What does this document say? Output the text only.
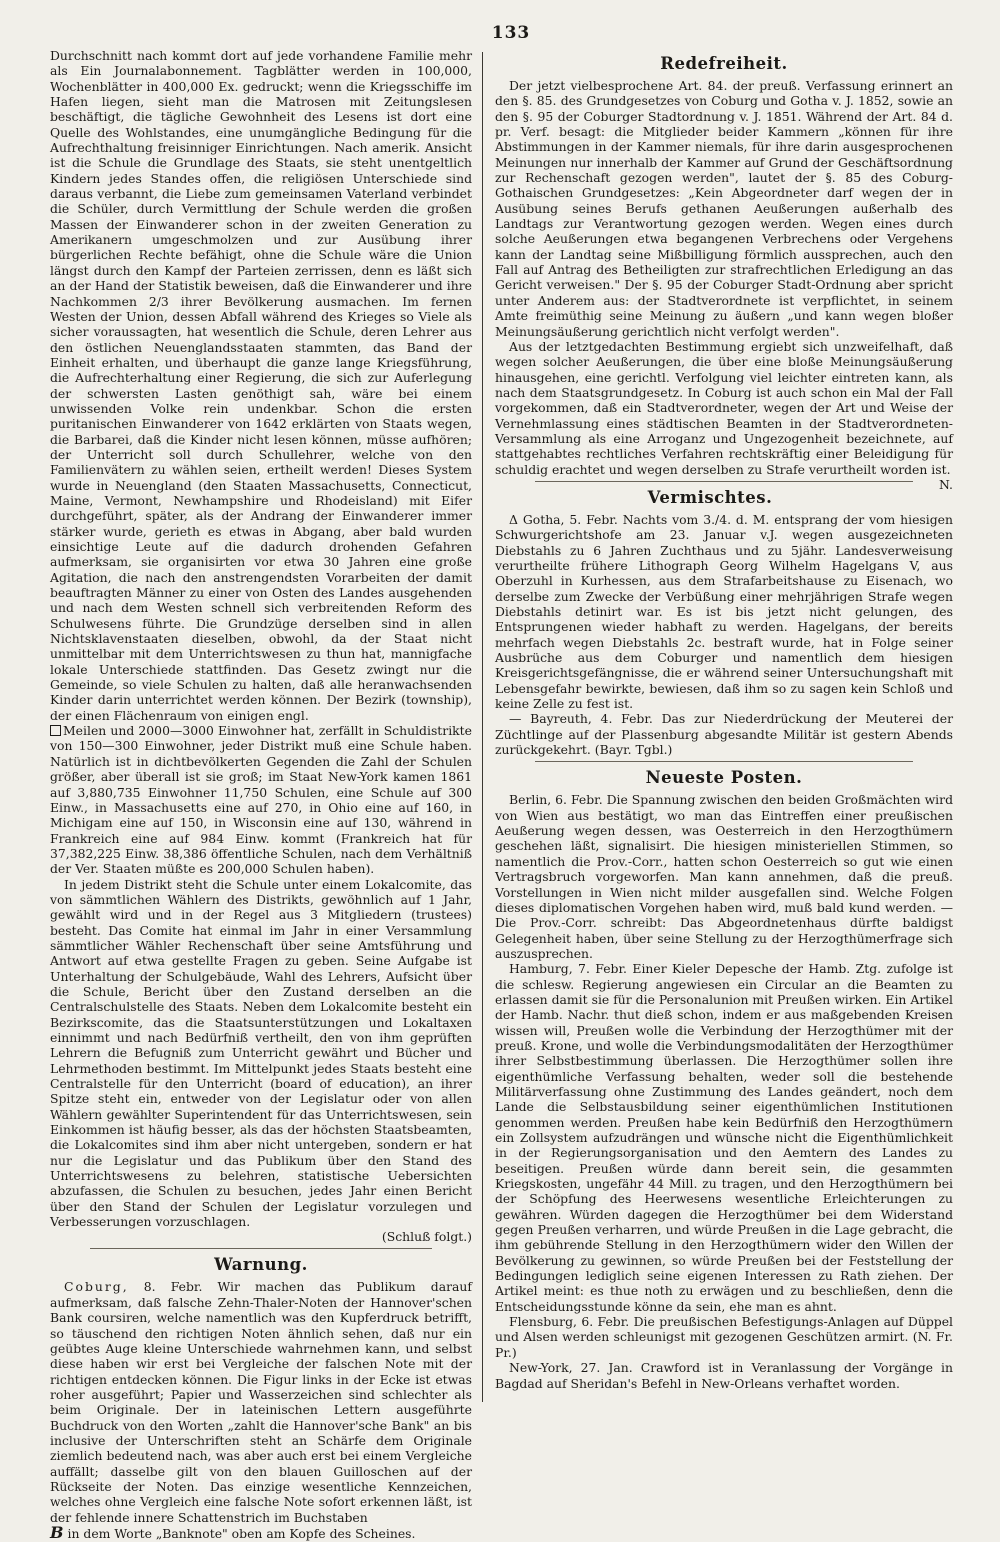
133

Durchschnitt nach kommt dort auf jede vorhandene Familie mehr als Ein Journalabonnement. Tagblätter werden in 100,000, Wochenblätter in 400,000 Ex. gedruckt; wenn die Kriegsschiffe im Hafen liegen, sieht man die Matrosen mit Zeitungslesen beschäftigt, die tägliche Gewohnheit des Lesens ist dort eine Quelle des Wohlstandes, eine unumgängliche Bedingung für die Aufrechthaltung freisinniger Einrichtungen. Nach amerik. Ansicht ist die Schule die Grundlage des Staats, sie steht unentgeltlich Kindern jedes Standes offen, die religiösen Unterschiede sind daraus verbannt, die Liebe zum gemeinsamen Vaterland verbindet die Schüler, durch Vermittlung der Schule werden die großen Massen der Einwanderer schon in der zweiten Generation zu Amerikanern umgeschmolzen und zur Ausübung ihrer bürgerlichen Rechte befähigt, ohne die Schule wäre die Union längst durch den Kampf der Parteien zerrissen, denn es läßt sich an der Hand der Statistik beweisen, daß die Einwanderer und ihre Nachkommen 2/3 ihrer Bevölkerung ausmachen. Im fernen Westen der Union, dessen Abfall während des Krieges so Viele als sicher voraussagten, hat wesentlich die Schule, deren Lehrer aus den östlichen Neuenglandsstaaten stammten, das Band der Einheit erhalten, und überhaupt die ganze lange Kriegsführung, die Aufrechterhaltung einer Regierung, die sich zur Auferlegung der schwersten Lasten genöthigt sah, wäre bei einem unwissenden Volke rein undenkbar. Schon die ersten puritanischen Einwanderer von 1642 erklärten von Staats wegen, die Barbarei, daß die Kinder nicht lesen können, müsse aufhören; der Unterricht soll durch Schullehrer, welche von den Familienvätern zu wählen seien, ertheilt werden! Dieses System wurde in Neuengland (den Staaten Massachusetts, Connecticut, Maine, Vermont, Newhampshire und Rhodeisland) mit Eifer durchgeführt, später, als der Andrang der Einwanderer immer stärker wurde, gerieth es etwas in Abgang, aber bald wurden einsichtige Leute auf die dadurch drohenden Gefahren aufmerksam, sie organisirten vor etwa 30 Jahren eine große Agitation, die nach den anstrengendsten Vorarbeiten der damit beauftragten Männer zu einer von Osten des Landes ausgehenden und nach dem Westen schnell sich verbreitenden Reform des Schulwesens führte. Die Grundzüge derselben sind in allen Nichtsklavenstaaten dieselben, obwohl, da der Staat nicht unmittelbar mit dem Unterrichtswesen zu thun hat, mannigfache lokale Unterschiede stattfinden. Das Gesetz zwingt nur die Gemeinde, so viele Schulen zu halten, daß alle heranwachsenden Kinder darin unterrichtet werden können. Der Bezirk (township), der einen Flächenraum von einigen engl.

Meilen und 2000—3000 Einwohner hat, zerfällt in Schuldistrikte von 150—300 Einwohner, jeder Distrikt muß eine Schule haben. Natürlich ist in dichtbevölkerten Gegenden die Zahl der Schulen größer, aber überall ist sie groß; im Staat New-York kamen 1861 auf 3,880,735 Einwohner 11,750 Schulen, eine Schule auf 300 Einw., in Massachusetts eine auf 270, in Ohio eine auf 160, in Michigam eine auf 150, in Wisconsin eine auf 130, während in Frankreich eine auf 984 Einw. kommt (Frankreich hat für 37,382,225 Einw. 38,386 öffentliche Schulen, nach dem Verhältniß der Ver. Staaten müßte es 200,000 Schulen haben).

In jedem Distrikt steht die Schule unter einem Lokalcomite, das von sämmtlichen Wählern des Distrikts, gewöhnlich auf 1 Jahr, gewählt wird und in der Regel aus 3 Mitgliedern (trustees) besteht. Das Comite hat einmal im Jahr in einer Versammlung sämmtlicher Wähler Rechenschaft über seine Amtsführung und Antwort auf etwa gestellte Fragen zu geben. Seine Aufgabe ist Unterhaltung der Schulgebäude, Wahl des Lehrers, Aufsicht über die Schule, Bericht über den Zustand derselben an die Centralschulstelle des Staats. Neben dem Lokalcomite besteht ein Bezirkscomite, das die Staatsunterstützungen und Lokaltaxen einnimmt und nach Bedürfniß vertheilt, den von ihm geprüften Lehrern die Befugniß zum Unterricht gewährt und Bücher und Lehrmethoden bestimmt. Im Mittelpunkt jedes Staats besteht eine Centralstelle für den Unterricht (board of education), an ihrer Spitze steht ein, entweder von der Legislatur oder von allen Wählern gewählter Superintendent für das Unterrichtswesen, sein Einkommen ist häufig besser, als das der höchsten Staatsbeamten, die Lokalcomites sind ihm aber nicht untergeben, sondern er hat nur die Legislatur und das Publikum über den Stand des Unterrichtswesens zu belehren, statistische Uebersichten abzufassen, die Schulen zu besuchen, jedes Jahr einen Bericht über den Stand der Schulen der Legislatur vorzulegen und Verbesserungen vorzuschlagen.

(Schluß folgt.)
Warnung.

Coburg, 8. Febr. Wir machen das Publikum darauf aufmerksam, daß falsche Zehn-Thaler-Noten der Hannover'schen Bank coursiren, welche namentlich was den Kupferdruck betrifft, so täuschend den richtigen Noten ähnlich sehen, daß nur ein geübtes Auge kleine Unterschiede wahrnehmen kann, und selbst diese haben wir erst bei Vergleiche der falschen Note mit der richtigen entdecken können. Die Figur links in der Ecke ist etwas roher ausgeführt; Papier und Wasserzeichen sind schlechter als beim Originale. Der in lateinischen Lettern ausgeführte Buchdruck von den Worten „zahlt die Hannover'sche Bank" an bis inclusive der Unterschriften steht an Schärfe dem Originale ziemlich bedeutend nach, was aber auch erst bei einem Vergleiche auffällt; dasselbe gilt von den blauen Guilloschen auf der Rückseite der Noten. Das einzige wesentliche Kennzeichen, welches ohne Vergleich eine falsche Note sofort erkennen läßt, ist der fehlende innere Schattenstrich im Buchstaben

B in dem Worte „Banknote" oben am Kopfe des Scheines.

Redefreiheit.

Der jetzt vielbesprochene Art. 84. der preuß. Verfassung erinnert an den §. 85. des Grundgesetzes von Coburg und Gotha v. J. 1852, sowie an den §. 95 der Coburger Stadtordnung v. J. 1851. Während der Art. 84 d. pr. Verf. besagt: die Mitglieder beider Kammern „können für ihre Abstimmungen in der Kammer niemals, für ihre darin ausgesprochenen Meinungen nur innerhalb der Kammer auf Grund der Geschäftsordnung zur Rechenschaft gezogen werden", lautet der §. 85 des Coburg-Gothaischen Grundgesetzes: „Kein Abgeordneter darf wegen der in Ausübung seines Berufs gethanen Aeußerungen außerhalb des Landtags zur Verantwortung gezogen werden. Wegen eines durch solche Aeußerungen etwa begangenen Verbrechens oder Vergehens kann der Landtag seine Mißbilligung förmlich aussprechen, auch den Fall auf Antrag des Betheiligten zur strafrechtlichen Erledigung an das Gericht verweisen." Der §. 95 der Coburger Stadt-Ordnung aber spricht unter Anderem aus: der Stadtverordnete ist verpflichtet, in seinem Amte freimüthig seine Meinung zu äußern „und kann wegen bloßer Meinungsäußerung gerichtlich nicht verfolgt werden".

Aus der letztgedachten Bestimmung ergiebt sich unzweifelhaft, daß wegen solcher Aeußerungen, die über eine bloße Meinungsäußerung hinausgehen, eine gerichtl. Verfolgung viel leichter eintreten kann, als nach dem Staatsgrundgesetz. In Coburg ist auch schon ein Mal der Fall vorgekommen, daß ein Stadtverordneter, wegen der Art und Weise der Vernehmlassung eines städtischen Beamten in der Stadtverordneten-Versammlung als eine Arroganz und Ungezogenheit bezeichnete, auf stattgehabtes rechtliches Verfahren rechtskräftig einer Beleidigung für schuldig erachtet und wegen derselben zu Strafe verurtheilt worden ist.
N.

Vermischtes.

Δ Gotha, 5. Febr. Nachts vom 3./4. d. M. entsprang der vom hiesigen Schwurgerichtshofe am 23. Januar v.J. wegen ausgezeichneten Diebstahls zu 6 Jahren Zuchthaus und zu 5jähr. Landesverweisung verurtheilte frühere Lithograph Georg Wilhelm Hagelgans V, aus Oberzuhl in Kurhessen, aus dem Strafarbeitshause zu Eisenach, wo derselbe zum Zwecke der Verbüßung einer mehrjährigen Strafe wegen Diebstahls detinirt war. Es ist bis jetzt nicht gelungen, des Entsprungenen wieder habhaft zu werden. Hagelgans, der bereits mehrfach wegen Diebstahls 2c. bestraft wurde, hat in Folge seiner Ausbrüche aus dem Coburger und namentlich dem hiesigen Kreisgerichtsgefängnisse, die er während seiner Untersuchungshaft mit Lebensgefahr bewirkte, bewiesen, daß ihm so zu sagen kein Schloß und keine Zelle zu fest ist.

— Bayreuth, 4. Febr. Das zur Niederdrückung der Meuterei der Züchtlinge auf der Plassenburg abgesandte Militär ist gestern Abends zurückgekehrt. (Bayr. Tgbl.)

Neueste Posten.

Berlin, 6. Febr. Die Spannung zwischen den beiden Großmächten wird von Wien aus bestätigt, wo man das Eintreffen einer preußischen Aeußerung wegen dessen, was Oesterreich in den Herzogthümern geschehen läßt, signalisirt. Die hiesigen ministeriellen Stimmen, so namentlich die Prov.-Corr., hatten schon Oesterreich so gut wie einen Vertragsbruch vorgeworfen. Man kann annehmen, daß die preuß. Vorstellungen in Wien nicht milder ausgefallen sind. Welche Folgen dieses diplomatischen Vorgehen haben wird, muß bald kund werden. — Die Prov.-Corr. schreibt: Das Abgeordnetenhaus dürfte baldigst Gelegenheit haben, über seine Stellung zu der Herzogthümerfrage sich auszusprechen.

Hamburg, 7. Febr. Einer Kieler Depesche der Hamb. Ztg. zufolge ist die schlesw. Regierung angewiesen ein Circular an die Beamten zu erlassen damit sie für die Personalunion mit Preußen wirken. Ein Artikel der Hamb. Nachr. thut dieß schon, indem er aus maßgebenden Kreisen wissen will, Preußen wolle die Verbindung der Herzogthümer mit der preuß. Krone, und wolle die Verbindungsmodalitäten der Herzogthümer ihrer Selbstbestimmung überlassen. Die Herzogthümer sollen ihre eigenthümliche Verfassung behalten, weder soll die bestehende Militärverfassung ohne Zustimmung des Landes geändert, noch dem Lande die Selbstausbildung seiner eigenthümlichen Institutionen genommen werden. Preußen habe kein Bedürfniß den Herzogthümern ein Zollsystem aufzudrängen und wünsche nicht die Eigenthümlichkeit in der Regierungsorganisation und den Aemtern des Landes zu beseitigen. Preußen würde dann bereit sein, die gesammten Kriegskosten, ungefähr 44 Mill. zu tragen, und den Herzogthümern bei der Schöpfung des Heerwesens wesentliche Erleichterungen zu gewähren. Würden dagegen die Herzogthümer bei dem Widerstand gegen Preußen verharren, und würde Preußen in die Lage gebracht, die ihm gebührende Stellung in den Herzogthümern wider den Willen der Bevölkerung zu gewinnen, so würde Preußen bei der Feststellung der Bedingungen lediglich seine eigenen Interessen zu Rath ziehen. Der Artikel meint: es thue noth zu erwägen und zu beschließen, denn die Entscheidungsstunde könne da sein, ehe man es ahnt.

Flensburg, 6. Febr. Die preußischen Befestigungs-Anlagen auf Düppel und Alsen werden schleunigst mit gezogenen Geschützen armirt. (N. Fr. Pr.)

New-York, 27. Jan. Crawford ist in Veranlassung der Vorgänge in Bagdad auf Sheridan's Befehl in New-Orleans verhaftet worden.
